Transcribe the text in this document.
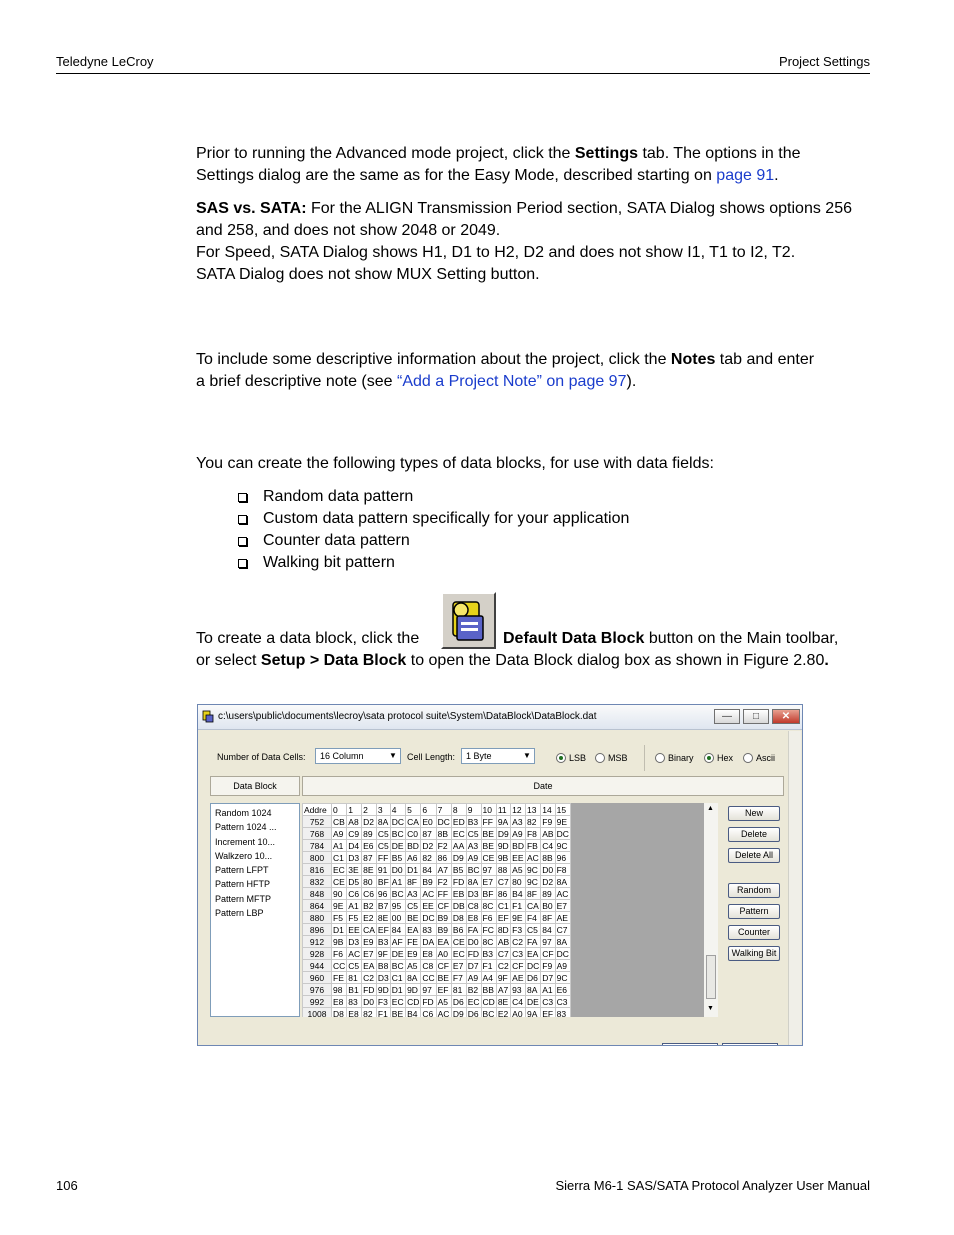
Teledyne LeCroy	Project Settings
Prior to running the Advanced mode project, click the Settings tab. The options in the
Settings dialog are the same as for the Easy Mode, described starting on page 91.
SAS vs. SATA: For the ALIGN Transmission Period section, SATA Dialog shows options 256
and 258, and does not show 2048 or 2049.
For Speed, SATA Dialog shows H1, D1 to H2, D2 and does not show I1, T1 to I2, T2.
SATA Dialog does not show MUX Setting button.
To include some descriptive information about the project, click the Notes tab and enter
a brief descriptive note (see “Add a Project Note” on page 97).
You can create the following types of data blocks, for use with data fields:
Random data pattern
Custom data pattern specifically for your application
Counter data pattern
Walking bit pattern
To create a data block, click the	Default Data Block button on the Main toolbar,
or select Setup > Data Block to open the Data Block dialog box as shown in Figure 2.80.
c:\users\public\documents\lecroy\sata protocol suite\System\DataBlock\DataBlock.dat	—	□	✕
Number of Data Cells:	16 Column	▼ Cell Length:	1 Byte	▼	LSB MSB	Binary	Hex	Ascii
Data Block	Date
Random 1024
Pattern 1024 ...
Increment 10...
Walkzero 10...
Pattern LFPT
Pattern HFTP
Pattern MFTP
Pattern LBP
Addre	0	1	2	3	4	5	6	7	8	9	10	11	12	13	14	15
752	CB	A8	D2	8A	DC	CA	E0	DC	ED	B3	FF	9A	A3	82	F9	9E
768	A9	C9	89	C5	BC	C0	87	8B	EC	C5	BE	D9	A9	F8	AB	DC
784	A1	D4	E6	C5	DE	BD	D2	F2	AA	A3	BE	9D	BD	FB	C4	9C
800	C1	D3	87	FF	B5	A6	82	86	D9	A9	CE	9B	EE	AC	8B	96
816	EC	3E	8E	91	D0	D1	84	A7	B5	BC	97	88	A5	9C	D0	F8
832	CE	D5	80	BF	A1	8F	B9	F2	FD	8A	E7	C7	80	9C	D2	8A
848	90	C6	C6	96	BC	A3	AC	FF	EB	D3	BF	86	B4	8F	89	AC
864	9E	A1	B2	B7	95	C5	EE	CF	DB	C8	8C	C1	F1	CA	B0	E7
880	F5	F5	E2	8E	00	BE	DC	B9	D8	E8	F6	EF	9E	F4	8F	AE
896	D1	EE	CA	EF	84	EA	83	B9	B6	FA	FC	8D	F3	C5	84	C7
912	9B	D3	E9	B3	AF	FE	DA	EA	CE	D0	8C	AB	C2	FA	97	8A
928	F6	AC	E7	9F	DE	E9	E8	A0	EC	FD	B3	C7	C3	EA	CF	DC
944	CC	C5	EA	B8	BC	A5	C8	CF	E7	D7	F1	C2	CF	DC	F9	A9
960	FE	81	C2	D3	C1	8A	CC	BE	F7	A9	A4	9F	AE	D6	D7	9C
976	98	B1	FD	9D	D1	9D	97	EF	81	B2	BB	A7	93	8A	A1	E6
992	E8	83	D0	F3	EC	CD	FD	A5	D6	EC	CD	8E	C4	DE	C3	C3
1008	D8	E8	82	F1	BE	B4	C6	AC	D9	D6	BC	E2	A0	9A	EF	83
▲
▼
New
Delete
Delete All
Random
Pattern
Counter
Walking Bit
106	Sierra M6-1 SAS/SATA Protocol Analyzer User Manual
